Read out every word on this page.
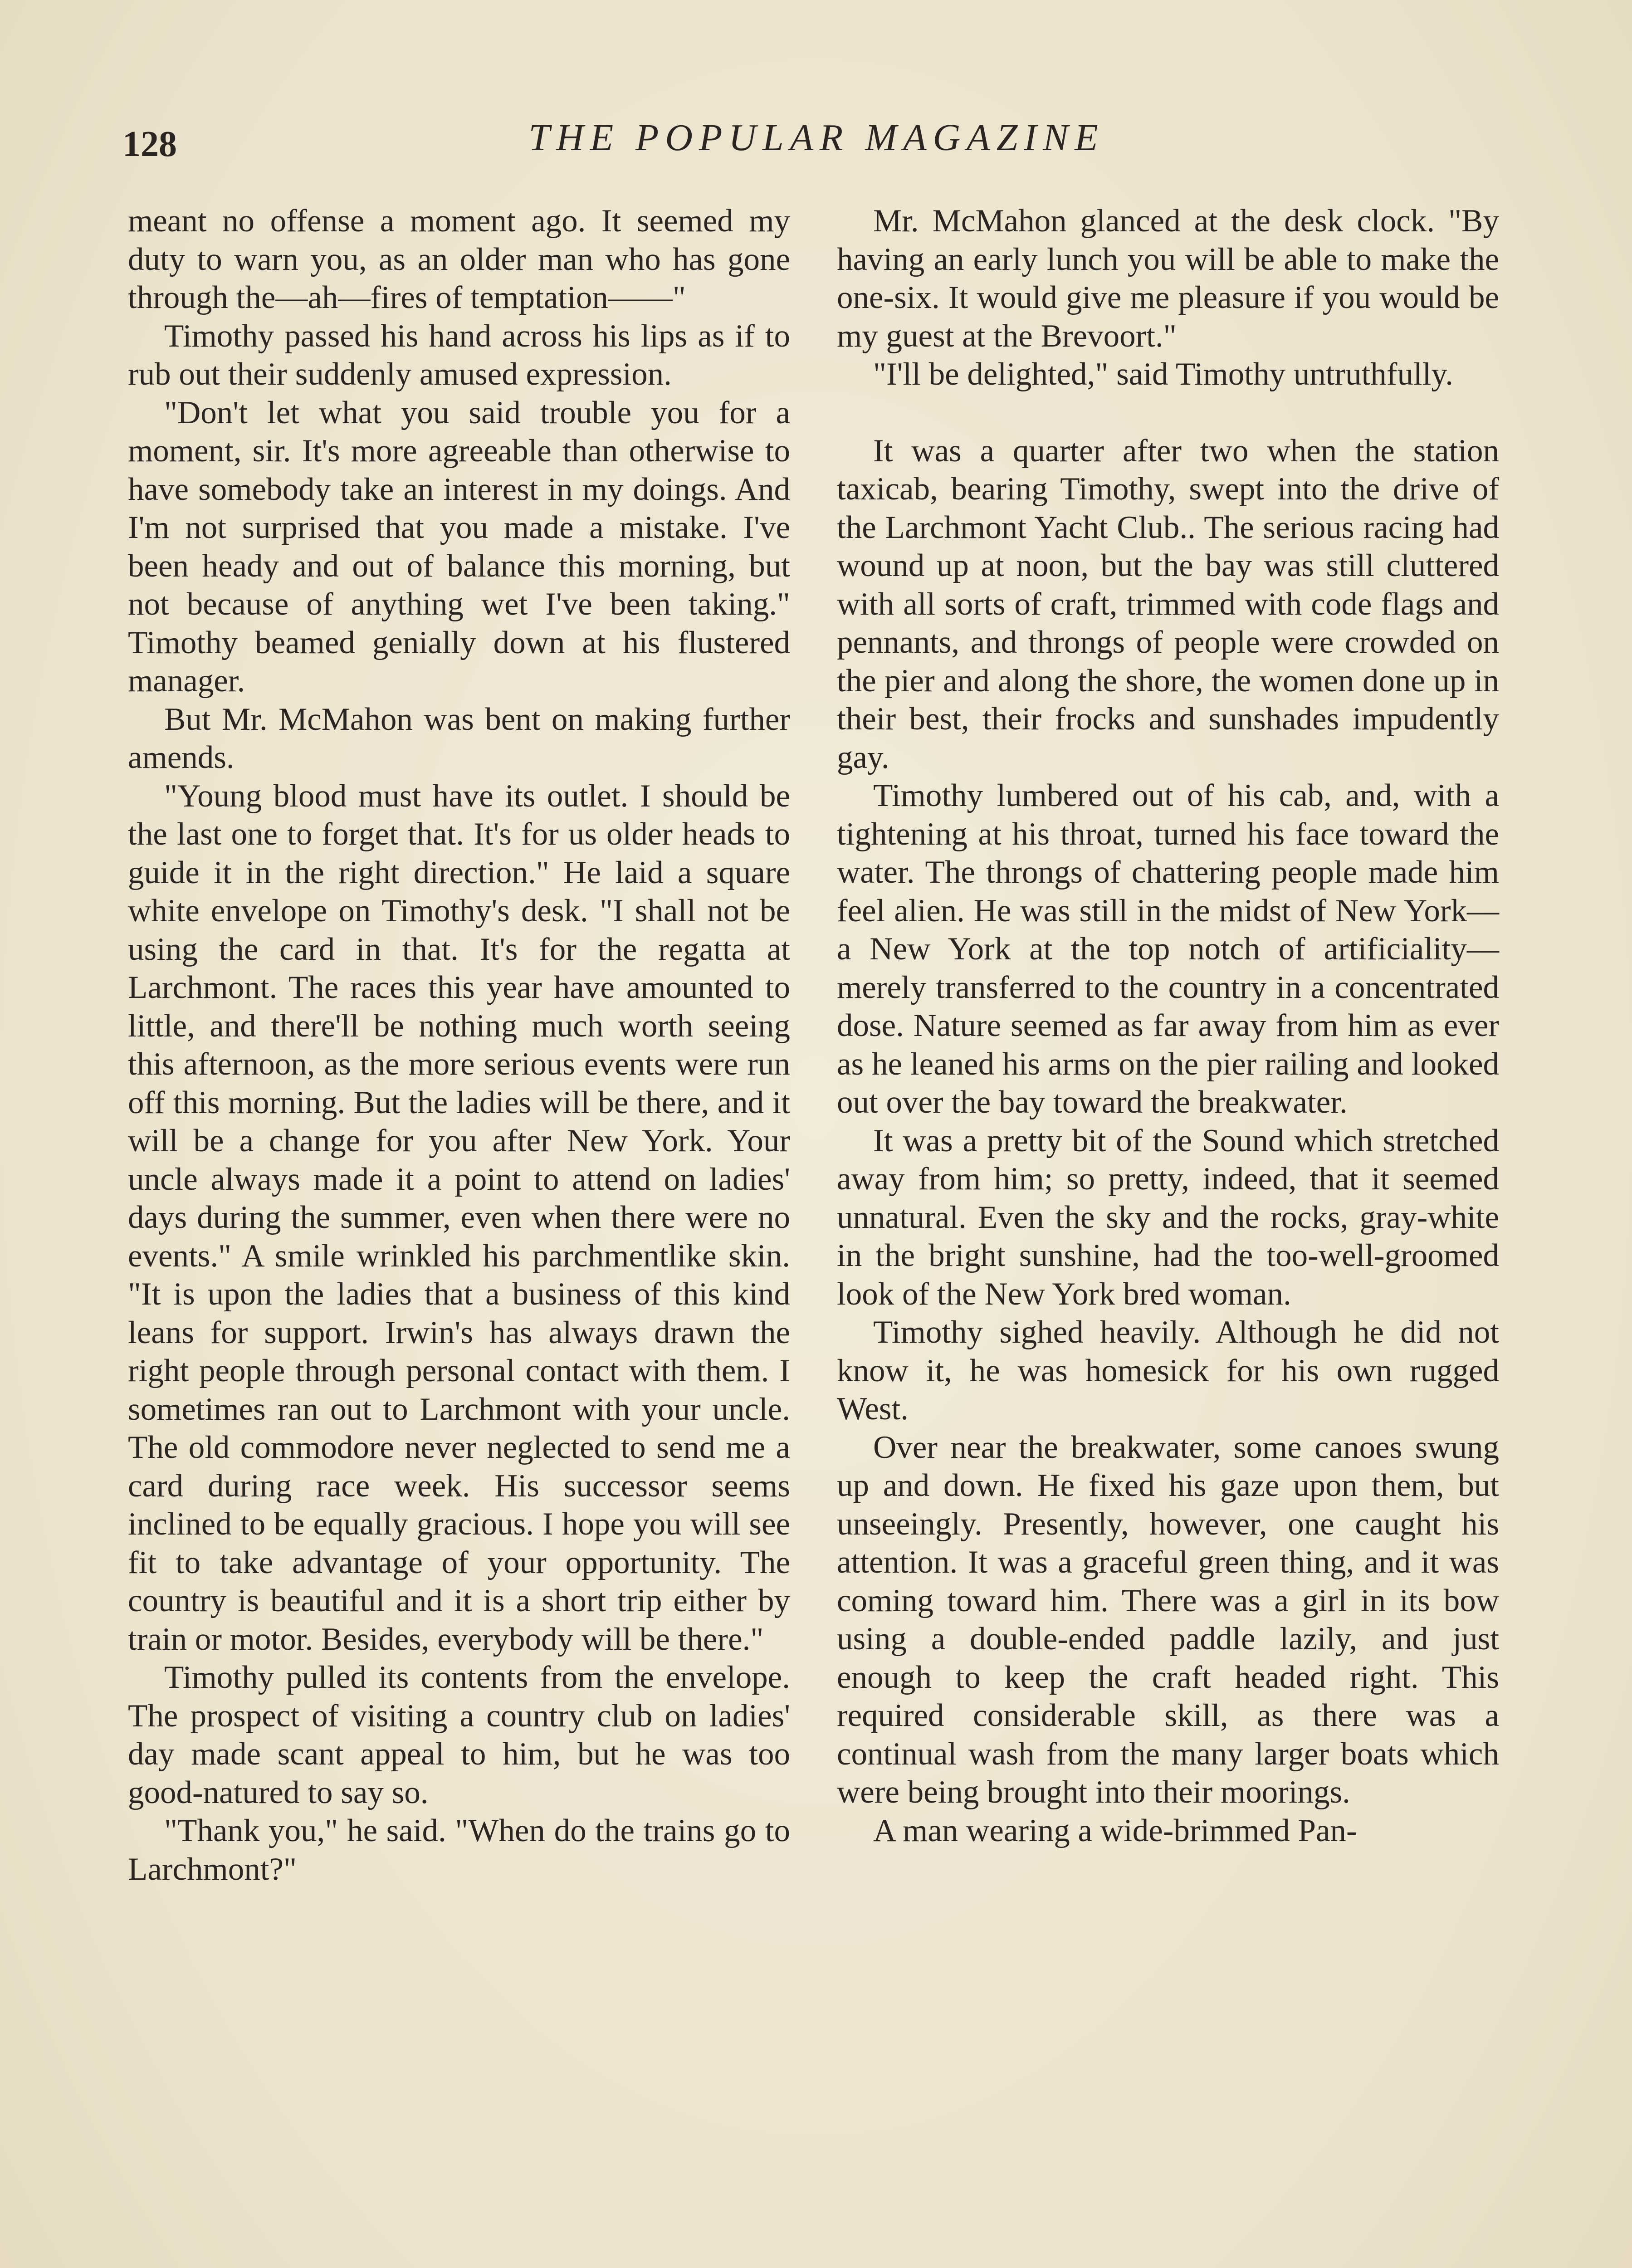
128	THE POPULAR MAGAZINE

meant no offense a moment ago. It seemed my duty to warn you, as an older man who has gone through the—ah—fires of temptation——"

Timothy passed his hand across his lips as if to rub out their suddenly amused expression.

"Don't let what you said trouble you for a moment, sir. It's more agreeable than otherwise to have somebody take an interest in my doings. And I'm not surprised that you made a mistake. I've been heady and out of balance this morning, but not because of anything wet I've been taking." Timothy beamed genially down at his flustered manager.

But Mr. McMahon was bent on making further amends.

"Young blood must have its outlet. I should be the last one to forget that. It's for us older heads to guide it in the right direction." He laid a square white envelope on Timothy's desk. "I shall not be using the card in that. It's for the regatta at Larchmont. The races this year have amounted to little, and there'll be nothing much worth seeing this afternoon, as the more serious events were run off this morning. But the ladies will be there, and it will be a change for you after New York. Your uncle always made it a point to attend on ladies' days during the summer, even when there were no events." A smile wrinkled his parchmentlike skin. "It is upon the ladies that a business of this kind leans for support. Irwin's has always drawn the right people through personal contact with them. I sometimes ran out to Larchmont with your uncle. The old commodore never neglected to send me a card during race week. His successor seems inclined to be equally gracious. I hope you will see fit to take advantage of your opportunity. The country is beautiful and it is a short trip either by train or motor. Besides, everybody will be there."

Timothy pulled its contents from the envelope. The prospect of visiting a country club on ladies' day made scant appeal to him, but he was too good-natured to say so.

"Thank you," he said. "When do the trains go to Larchmont?"

Mr. McMahon glanced at the desk clock. "By having an early lunch you will be able to make the one-six. It would give me pleasure if you would be my guest at the Brevoort."

"I'll be delighted," said Timothy untruthfully.

It was a quarter after two when the station taxicab, bearing Timothy, swept into the drive of the Larchmont Yacht Club.. The serious racing had wound up at noon, but the bay was still cluttered with all sorts of craft, trimmed with code flags and pennants, and throngs of people were crowded on the pier and along the shore, the women done up in their best, their frocks and sunshades impudently gay.

Timothy lumbered out of his cab, and, with a tightening at his throat, turned his face toward the water. The throngs of chattering people made him feel alien. He was still in the midst of New York—a New York at the top notch of artificiality—merely transferred to the country in a concentrated dose. Nature seemed as far away from him as ever as he leaned his arms on the pier railing and looked out over the bay toward the breakwater.

It was a pretty bit of the Sound which stretched away from him; so pretty, indeed, that it seemed unnatural. Even the sky and the rocks, gray-white in the bright sunshine, had the too-well-groomed look of the New York bred woman.

Timothy sighed heavily. Although he did not know it, he was homesick for his own rugged West.

Over near the breakwater, some canoes swung up and down. He fixed his gaze upon them, but unseeingly. Presently, however, one caught his attention. It was a graceful green thing, and it was coming toward him. There was a girl in its bow using a double-ended paddle lazily, and just enough to keep the craft headed right. This required considerable skill, as there was a continual wash from the many larger boats which were being brought into their moorings.

A man wearing a wide-brimmed Pan-
